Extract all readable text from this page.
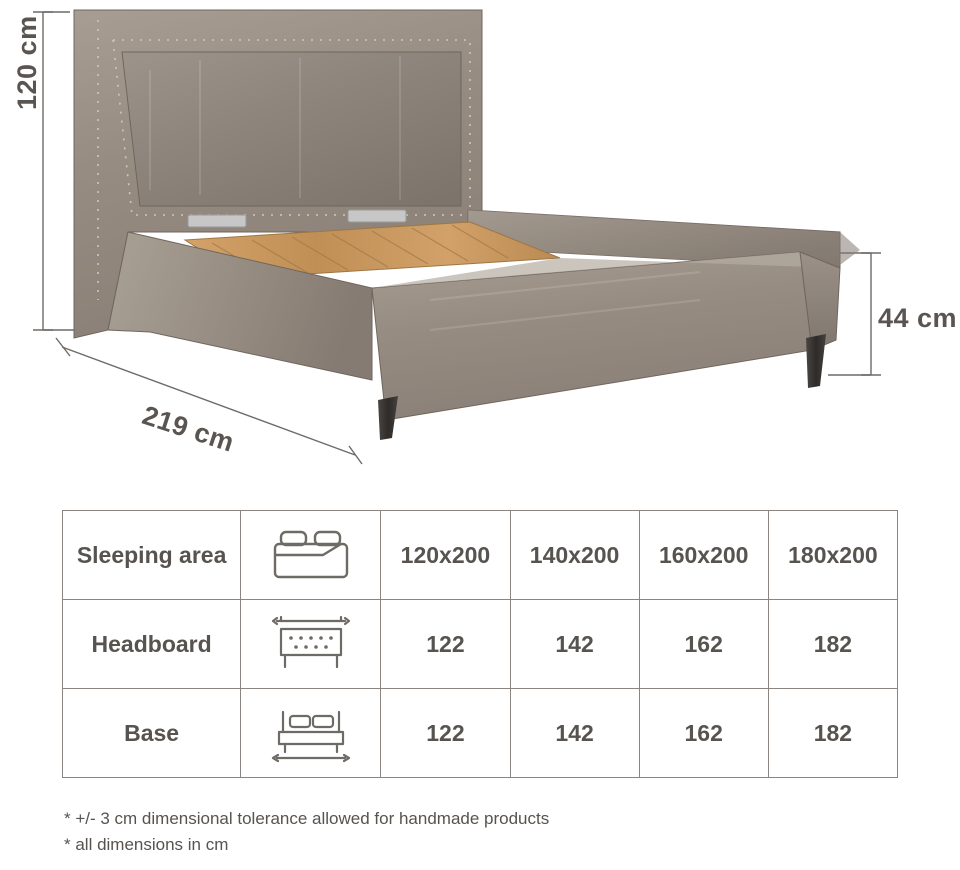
120 cm
219 cm
44 cm
Sleeping area		120x200	140x200	160x200	180x200
Headboard		122	142	162	182
Base		122	142	162	182
* +/- 3 cm dimensional tolerance allowed for handmade products
* all dimensions in cm
